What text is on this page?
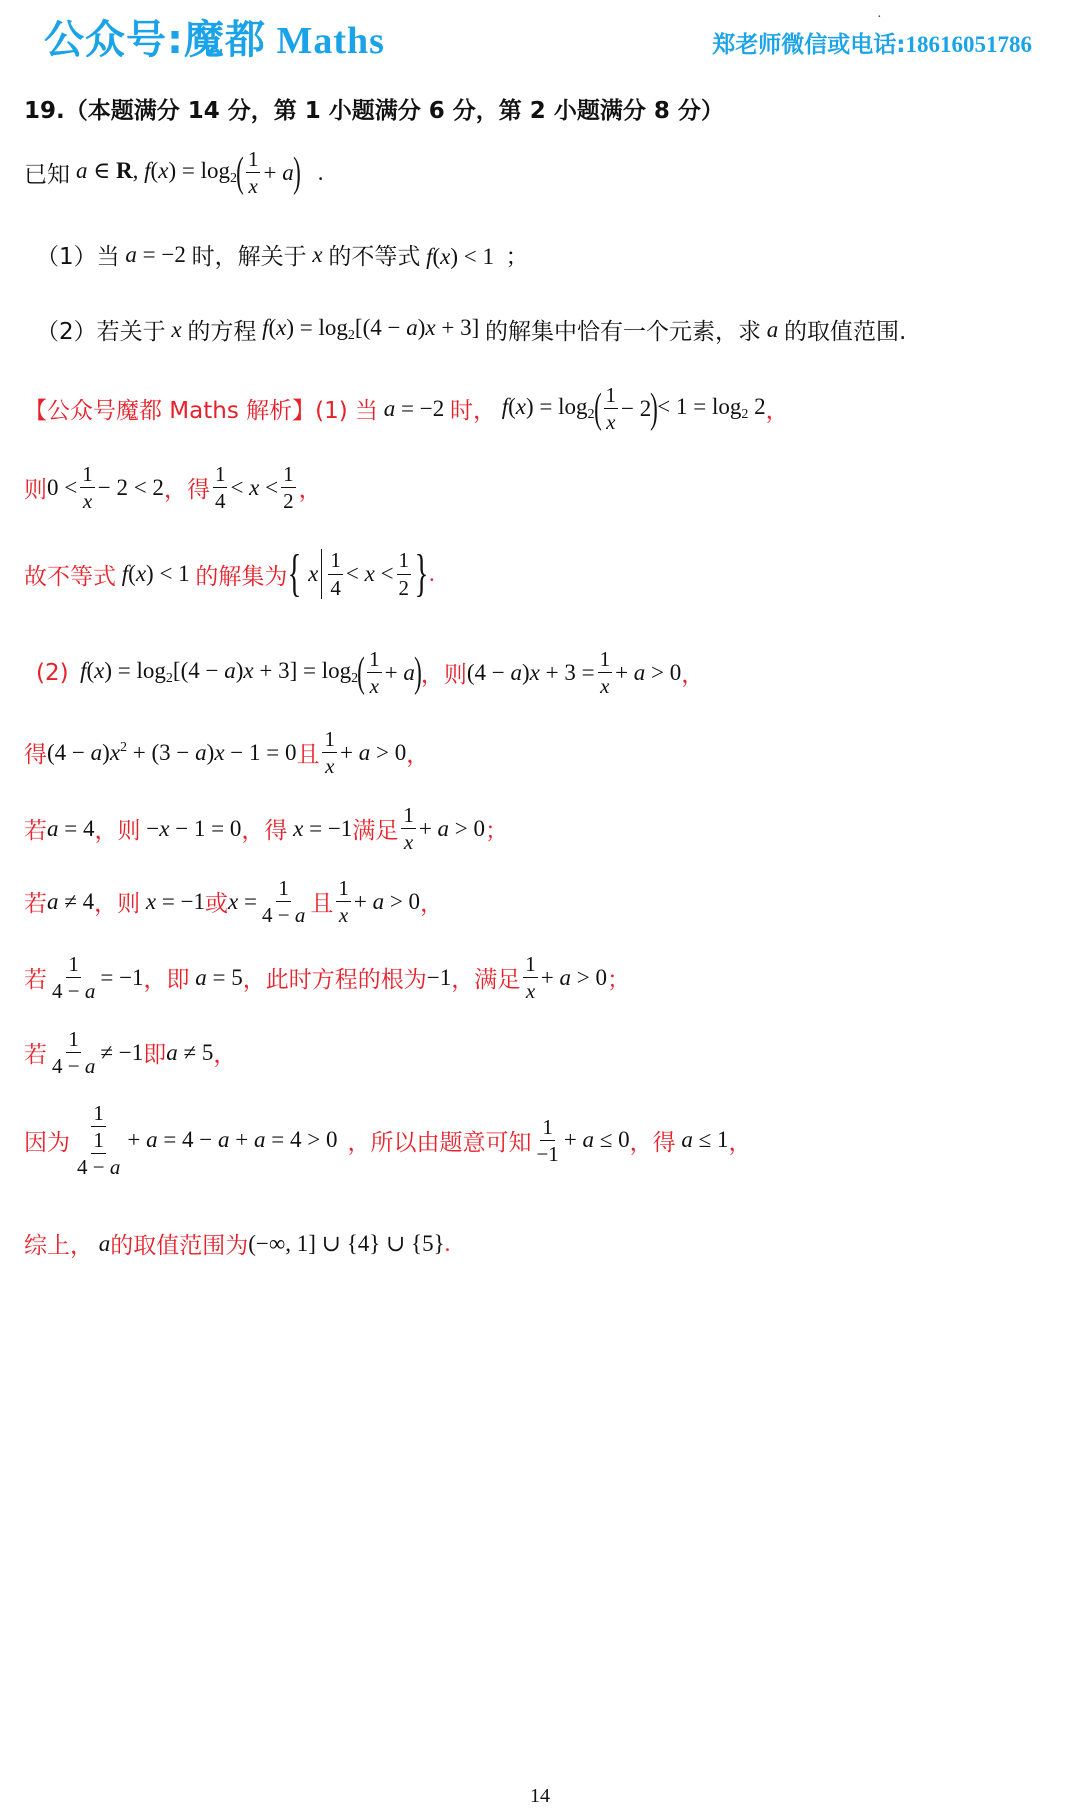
公众号:魔都 Maths
·
郑老师微信或电话:18616051786
19.（本题满分 14 分，第 1 小题满分 6 分，第 2 小题满分 8 分）
已知 a ∈ R, $f(x) = \log_2$ ( $\frac{1}{x} + a$ ) .
（1）当 a = −2 时，解关于 x 的不等式 f(x) < 1  ；
（2）若关于 x 的方程 $f(x) = \log_2[(4 - a)x + 3]$ 的解集中恰有一个元素，求 a 的取值范围.
【公众号魔都 Maths 解析】 (1) 当 a = −2 时， $f(x) = \log_2$ ( $\frac{1}{x} - 2$ ) < $1 = \log_2 2$ ，
则 $0 < \frac{1}{x} - 2 < 2$ ，得 $\frac{1}{4} < x < \frac{1}{2}$ ，
故不等式 f(x) < 1 的解集为 { x $\frac{1}{4} < x < \frac{1}{2}$ } .
(2) $f(x) = \log_2[(4 - a)x + 3] = \log_2$ ( $\frac{1}{x} + a$ ) ，则 $(4 - a)x + 3 = \frac{1}{x} + a > 0$ ，
得 $(4 - a)x^2 + (3 - a)x - 1 = 0$ 且 $\frac{1}{x} + a > 0$ ，
若 a = 4 ，则 −x − 1 = 0 ，得 x = −1 满足 $\frac{1}{x} + a > 0$ ；
若 a ≠ 4 ，则 x = −1 或 $x = \frac{1}{4 - a}$ 且 $\frac{1}{x} + a > 0$ ，
若 $\frac{1}{4 - a} = -1$ ，即 a = 5 ，此时方程的根为 −1 ，满足 $\frac{1}{x} + a > 0$ ；
若 $\frac{1}{4 - a} \ne -1$ 即 a ≠ 5 ，
因为 $\frac{1}{\frac{1}{4 - a}} + a = 4 - a + a = 4 > 0$ ，所以由题意可知 $\frac{1}{-1} + a \le 0$ ，得 a ≤ 1 ，
综上， a 的取值范围为 (−∞, 1] ∪ {4} ∪ {5} .
14
